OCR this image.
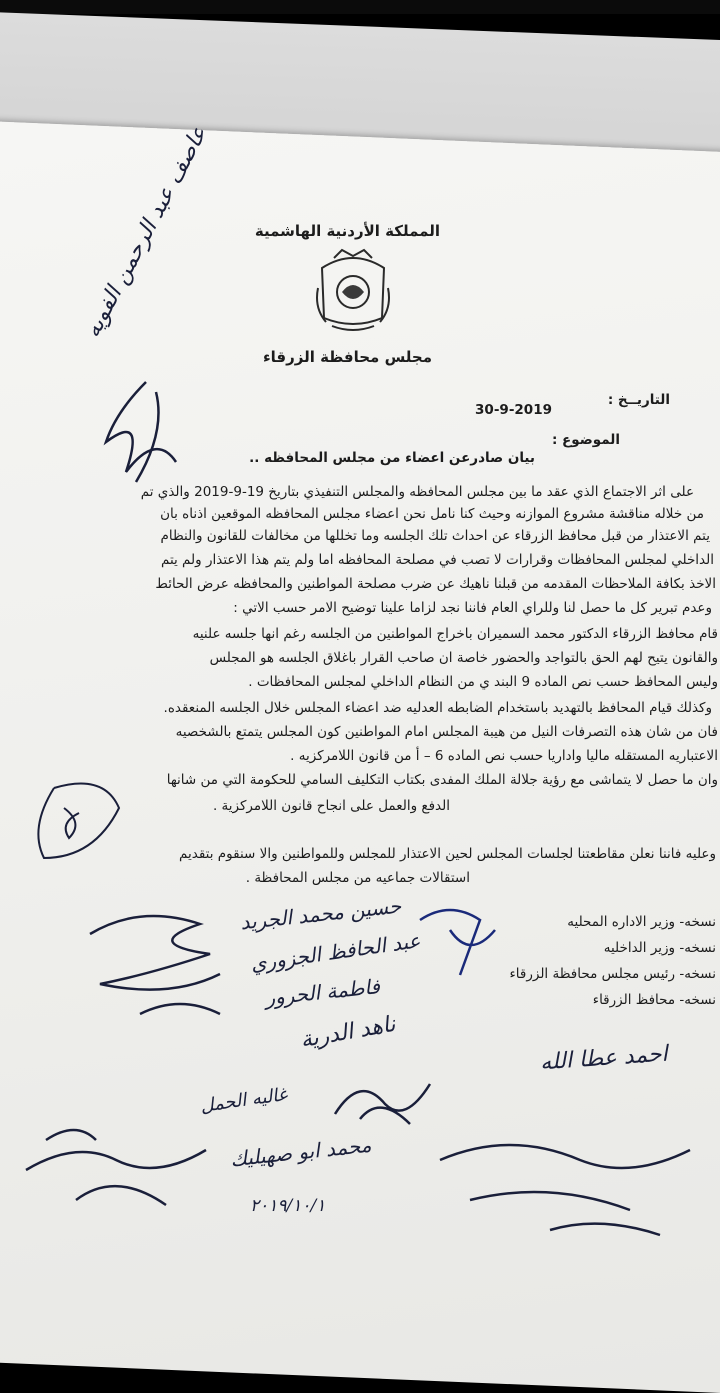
المملكة الأردنية الهاشمية
مجلس محافظة الزرقاء
التاريــخ :
30-9-2019
الموضوع :
بيان صادرعن اعضاء من مجلس المحافظه ..
على اثر الاجتماع الذي عقد ما بين مجلس المحافظه والمجلس التنفيذي بتاريخ 19-9-2019 والذي تم
من خلاله مناقشة مشروع الموازنه وحيث كنا نامل نحن اعضاء مجلس المحافظه الموقعين اذناه بان
يتم الاعتذار من قبل محافظ الزرقاء عن احداث تلك الجلسه وما تخللها من مخالفات للقانون والنظام
الداخلي لمجلس المحافظات وقرارات لا تصب في مصلحة المحافظه اما ولم يتم هذا الاعتذار ولم يتم
الاخذ بكافة الملاحظات المقدمه من قبلنا ناهيك عن ضرب مصلحة المواطنين والمحافظه عرض الحائط
وعدم تبرير كل ما حصل لنا وللراي العام فاننا نجد لزاما علينا توضيح الامر حسب الاتي :
قام محافظ الزرقاء الدكتور محمد السميران باخراج المواطنين من الجلسه رغم انها جلسه علنيه
والقانون يتيح لهم الحق بالتواجد والحضور خاصة ان صاحب القرار باغلاق الجلسه هو المجلس
وليس المحافظ حسب نص الماده 9 البند ي من النظام الداخلي لمجلس المحافظات .
وكذلك قيام المحافظ بالتهديد باستخدام الضابطه العدليه ضد اعضاء المجلس خلال الجلسه المنعقده.
فان من شان هذه التصرفات النيل من هيبة المجلس امام المواطنين كون المجلس يتمتع بالشخصيه
الاعتباريه المستقله ماليا واداريا حسب نص الماده 6 – أ من قانون اللامركزيه .
وان ما حصل لا يتماشى مع رؤية جلالة الملك المفدى بكتاب التكليف السامي للحكومة التي من شانها
الدفع والعمل على انجاح قانون اللامركزية .
وعليه فاننا نعلن مقاطعتنا لجلسات المجلس لحين الاعتذار للمجلس وللمواطنين والا سنقوم بتقديم
استقالات جماعيه من مجلس المحافظة .
نسخه- وزير الاداره المحليه
نسخه- وزير الداخليه
نسخه- رئيس مجلس محافظة الزرقاء
نسخه- محافظ الزرقاء
عاصف عبد الرحمن الفويه
حسين محمد الجريد
عبد الحافظ الجزوري
فاطمة الحرور
ناهد الدرية
احمد عطا الله
محمد ابو صهيليك
غاليه الحمل
٢٠١٩/١٠/١
